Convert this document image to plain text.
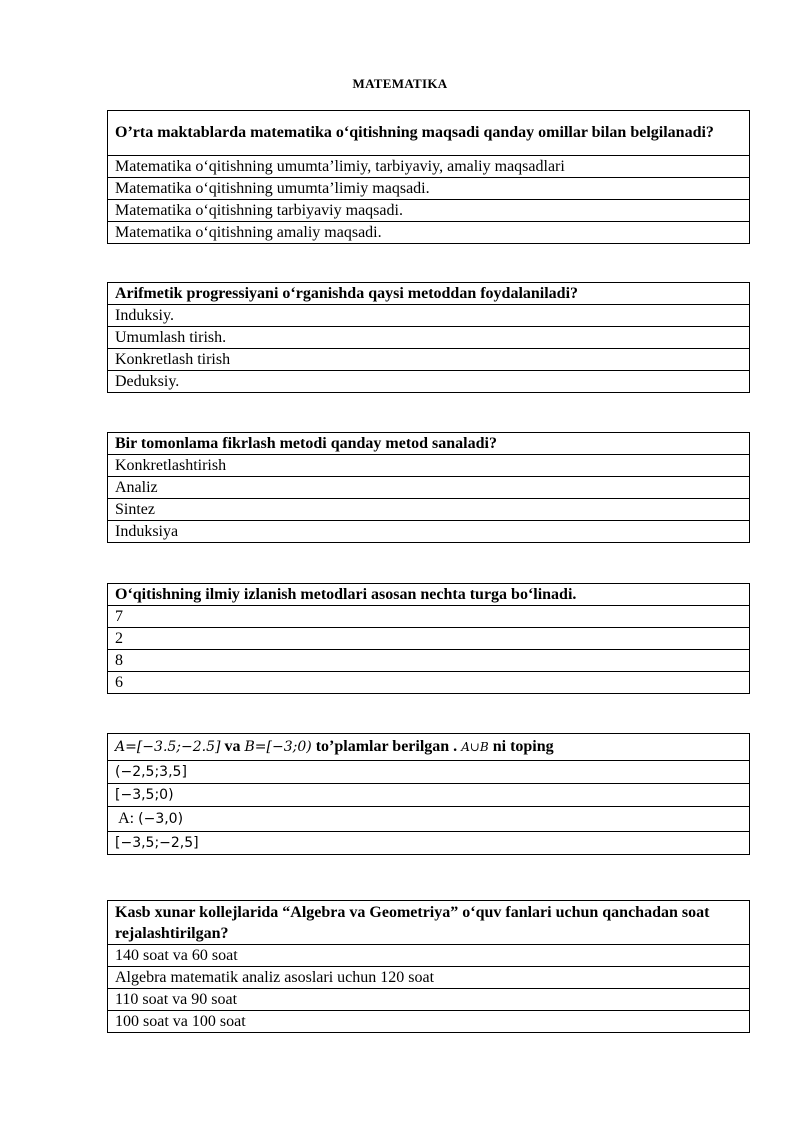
MATEMATIKA
O’rta maktablarda matematika o‘qitishning maqsadi qanday omillar bilan belgilanadi?
Matematika o‘qitishning umumta’limiy, tarbiyaviy, amaliy maqsadlari
Matematika o‘qitishning umumta’limiy maqsadi.
Matematika o‘qitishning tarbiyaviy maqsadi.
Matematika o‘qitishning amaliy maqsadi.
Arifmetik progressiyani o‘rganishda qaysi metoddan foydalaniladi?
Induksiy.
Umumlash tirish.
Konkretlash tirish
Deduksiy.
Bir tomonlama fikrlash metodi qanday metod sanaladi?
Konkretlashtirish
Analiz
Sintez
Induksiya
O‘qitishning ilmiy izlanish metodlari asosan nechta turga bo‘linadi.
7
2
8
6
A=[−3.5;−2.5] va B=[−3;0) to’plamlar berilgan . A∪B ni toping
(−2,5;3,5]
[−3,5;0)
A: (−3,0)
[−3,5;−2,5]
Kasb xunar kollejlarida “Algebra va Geometriya” o‘quv fanlari uchun qanchadan soat rejalashtirilgan?
140 soat va 60 soat
Algebra matematik analiz asoslari uchun 120 soat
110 soat va 90 soat
100 soat va 100 soat
